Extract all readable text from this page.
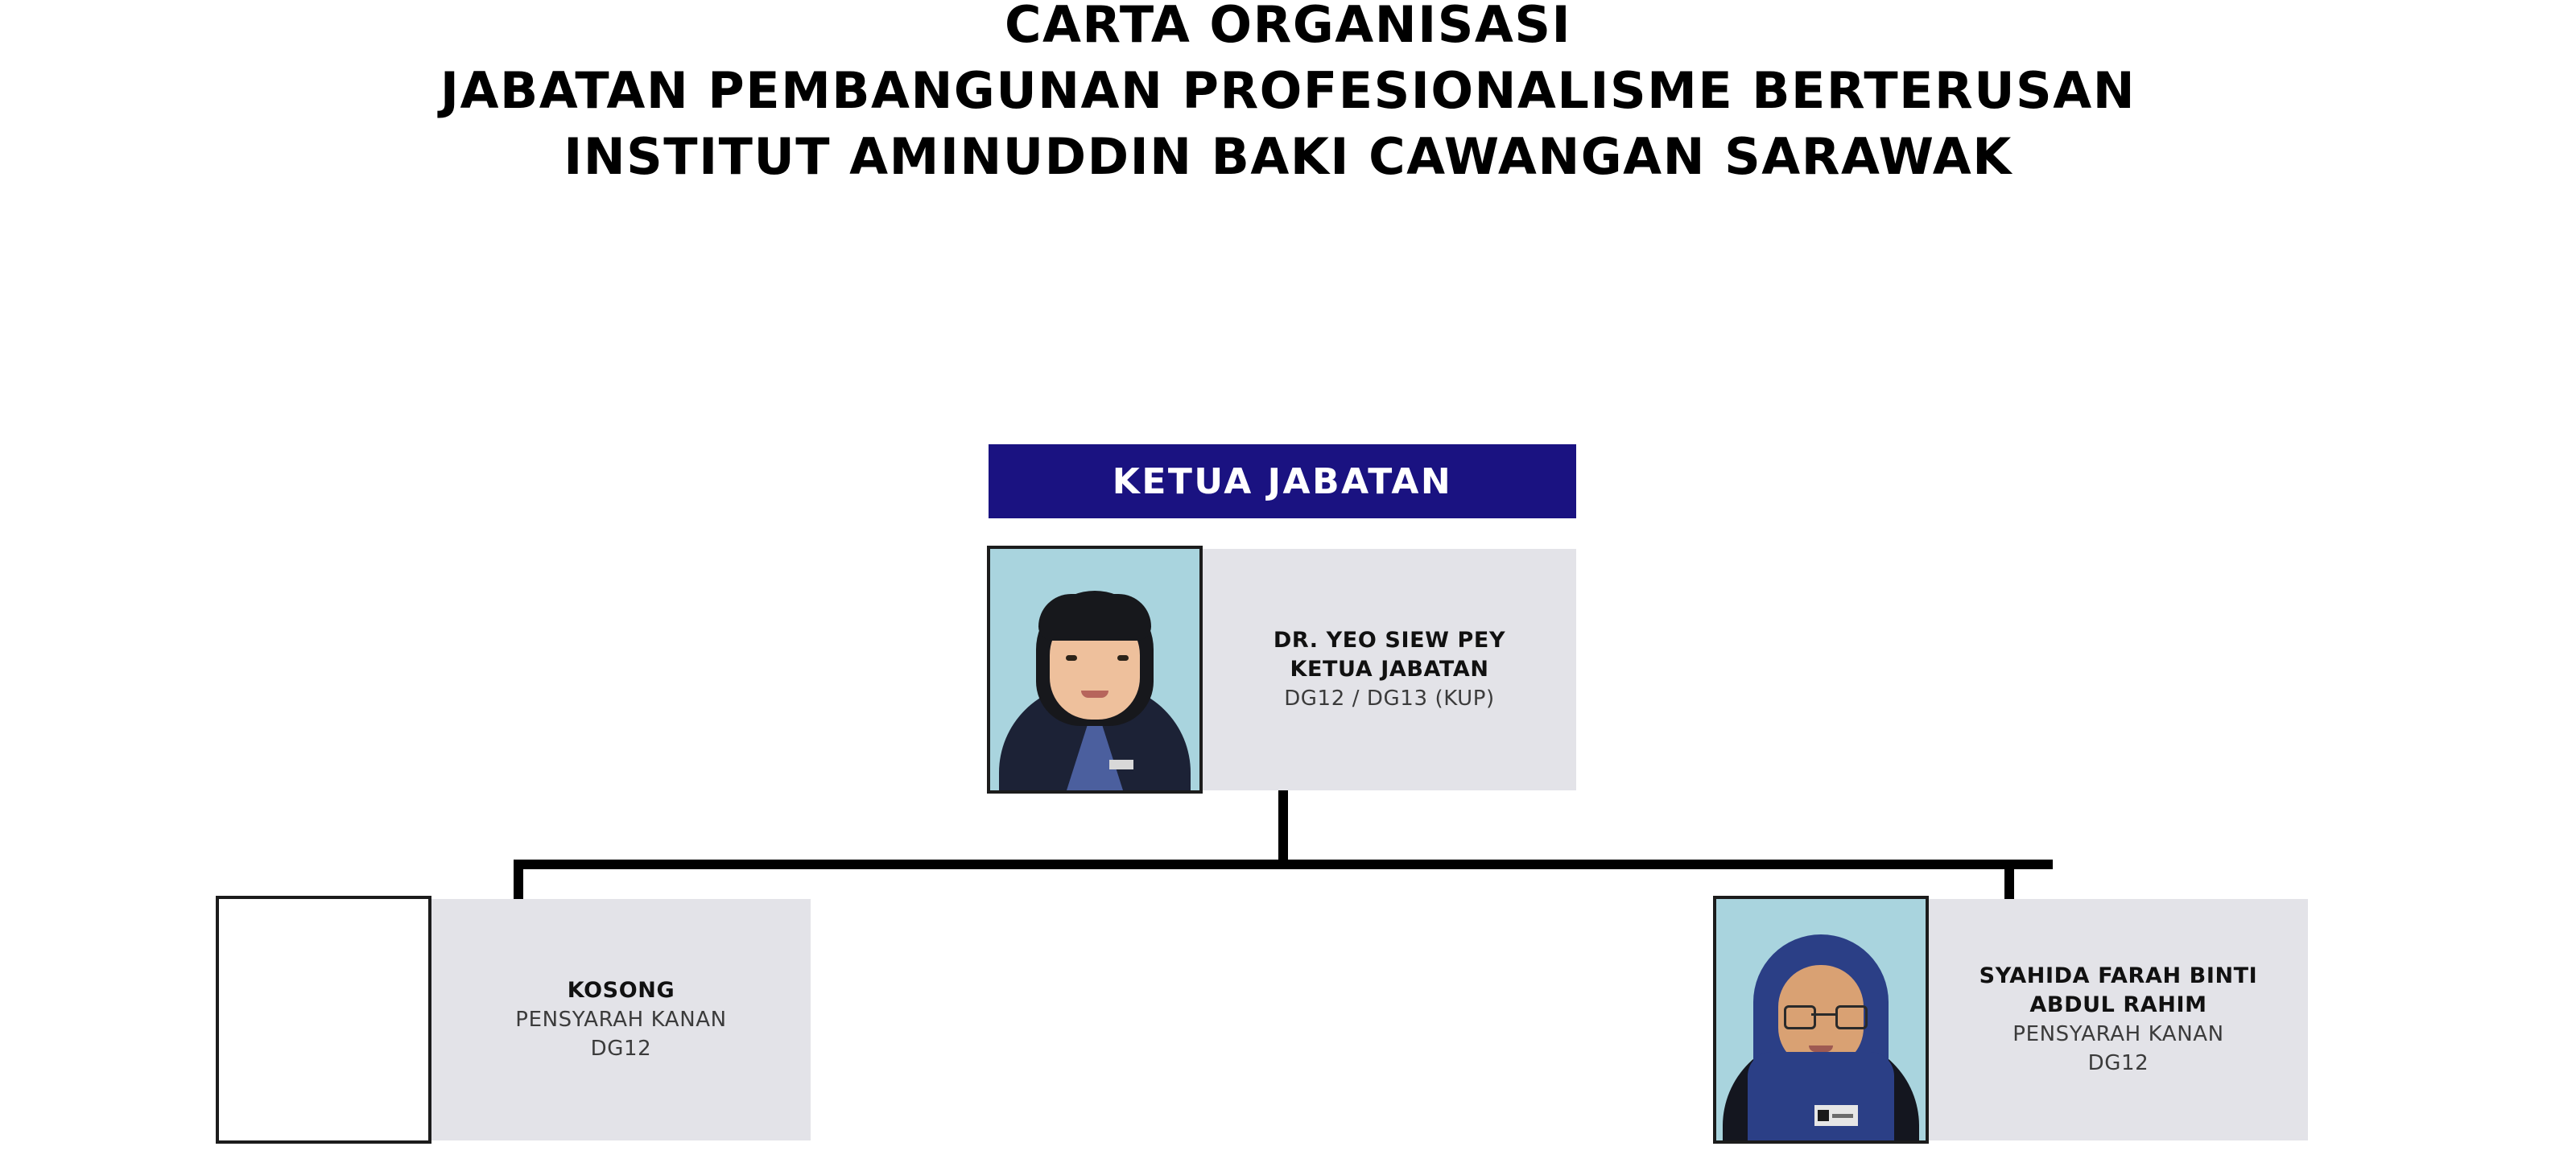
CARTA ORGANISASI
JABATAN PEMBANGUNAN PROFESIONALISME BERTERUSAN
INSTITUT AMINUDDIN BAKI CAWANGAN SARAWAK
KETUA JABATAN
DR. YEO SIEW PEY
KETUA JABATAN
DG12 / DG13 (KUP)
KOSONG
PENSYARAH KANAN
DG12
SYAHIDA FARAH BINTI ABDUL RAHIM
PENSYARAH KANAN
DG12
